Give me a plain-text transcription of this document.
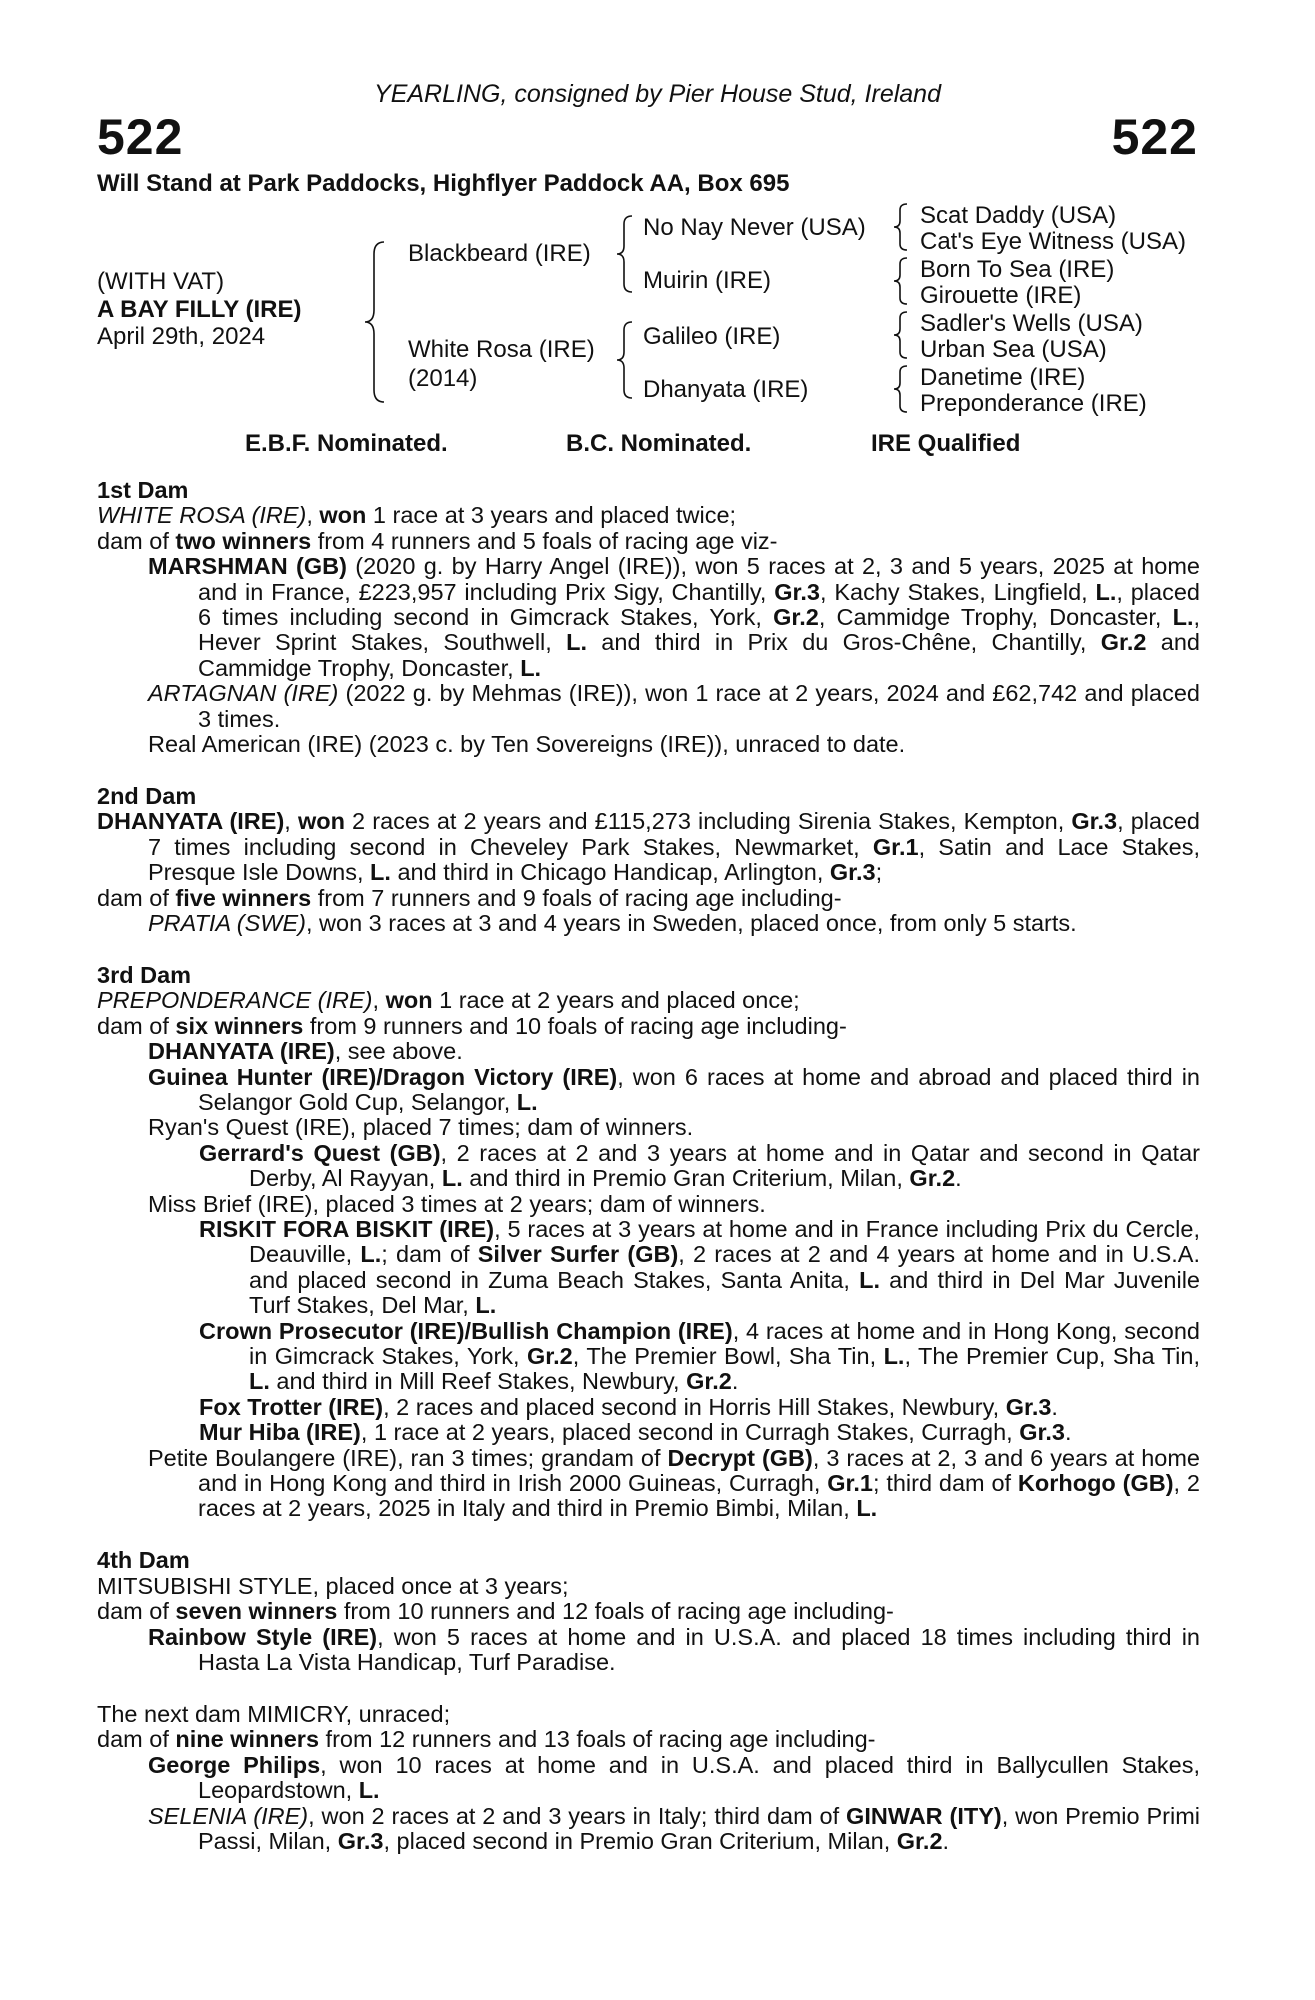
YEARLING, consigned by Pier House Stud, Ireland
522	522
Will Stand at Park Paddocks, Highflyer Paddock AA, Box 695
(WITH VAT)
A BAY FILLY (IRE)
April 29th, 2024
Blackbeard (IRE)
White Rosa (IRE)
(2014)
No Nay Never (USA)
Muirin (IRE)
Galileo (IRE)
Dhanyata (IRE)
Scat Daddy (USA)
Cat's Eye Witness (USA)
Born To Sea (IRE)
Girouette (IRE)
Sadler's Wells (USA)
Urban Sea (USA)
Danetime (IRE)
Preponderance (IRE)
E.B.F. Nominated.	B.C. Nominated.	IRE Qualified
1st Dam
WHITE ROSA (IRE), won 1 race at 3 years and placed twice;
dam of two winners from 4 runners and 5 foals of racing age viz-
MARSHMAN (GB) (2020 g. by Harry Angel (IRE)), won 5 races at 2, 3 and 5 years, 2025 at home and in France, £223,957 including Prix Sigy, Chantilly, Gr.3, Kachy Stakes, Lingfield, L., placed 6 times including second in Gimcrack Stakes, York, Gr.2, Cammidge Trophy, Doncaster, L., Hever Sprint Stakes, Southwell, L. and third in Prix du Gros-Chêne, Chantilly, Gr.2 and Cammidge Trophy, Doncaster, L.
ARTAGNAN (IRE) (2022 g. by Mehmas (IRE)), won 1 race at 2 years, 2024 and £62,742 and placed 3 times.
Real American (IRE) (2023 c. by Ten Sovereigns (IRE)), unraced to date.
2nd Dam
DHANYATA (IRE), won 2 races at 2 years and £115,273 including Sirenia Stakes, Kempton, Gr.3, placed 7 times including second in Cheveley Park Stakes, Newmarket, Gr.1, Satin and Lace Stakes, Presque Isle Downs, L. and third in Chicago Handicap, Arlington, Gr.3;
dam of five winners from 7 runners and 9 foals of racing age including-
PRATIA (SWE), won 3 races at 3 and 4 years in Sweden, placed once, from only 5 starts.
3rd Dam
PREPONDERANCE (IRE), won 1 race at 2 years and placed once;
dam of six winners from 9 runners and 10 foals of racing age including-
DHANYATA (IRE), see above.
Guinea Hunter (IRE)/Dragon Victory (IRE), won 6 races at home and abroad and placed third in Selangor Gold Cup, Selangor, L.
Ryan's Quest (IRE), placed 7 times; dam of winners.
Gerrard's Quest (GB), 2 races at 2 and 3 years at home and in Qatar and second in Qatar Derby, Al Rayyan, L. and third in Premio Gran Criterium, Milan, Gr.2.
Miss Brief (IRE), placed 3 times at 2 years; dam of winners.
RISKIT FORA BISKIT (IRE), 5 races at 3 years at home and in France including Prix du Cercle, Deauville, L.; dam of Silver Surfer (GB), 2 races at 2 and 4 years at home and in U.S.A. and placed second in Zuma Beach Stakes, Santa Anita, L. and third in Del Mar Juvenile Turf Stakes, Del Mar, L.
Crown Prosecutor (IRE)/Bullish Champion (IRE), 4 races at home and in Hong Kong, second in Gimcrack Stakes, York, Gr.2, The Premier Bowl, Sha Tin, L., The Premier Cup, Sha Tin, L. and third in Mill Reef Stakes, Newbury, Gr.2.
Fox Trotter (IRE), 2 races and placed second in Horris Hill Stakes, Newbury, Gr.3.
Mur Hiba (IRE), 1 race at 2 years, placed second in Curragh Stakes, Curragh, Gr.3.
Petite Boulangere (IRE), ran 3 times; grandam of Decrypt (GB), 3 races at 2, 3 and 6 years at home and in Hong Kong and third in Irish 2000 Guineas, Curragh, Gr.1; third dam of Korhogo (GB), 2 races at 2 years, 2025 in Italy and third in Premio Bimbi, Milan, L.
4th Dam
MITSUBISHI STYLE, placed once at 3 years;
dam of seven winners from 10 runners and 12 foals of racing age including-
Rainbow Style (IRE), won 5 races at home and in U.S.A. and placed 18 times including third in Hasta La Vista Handicap, Turf Paradise.
The next dam MIMICRY, unraced;
dam of nine winners from 12 runners and 13 foals of racing age including-
George Philips, won 10 races at home and in U.S.A. and placed third in Ballycullen Stakes, Leopardstown, L.
SELENIA (IRE), won 2 races at 2 and 3 years in Italy; third dam of GINWAR (ITY), won Premio Primi Passi, Milan, Gr.3, placed second in Premio Gran Criterium, Milan, Gr.2.
